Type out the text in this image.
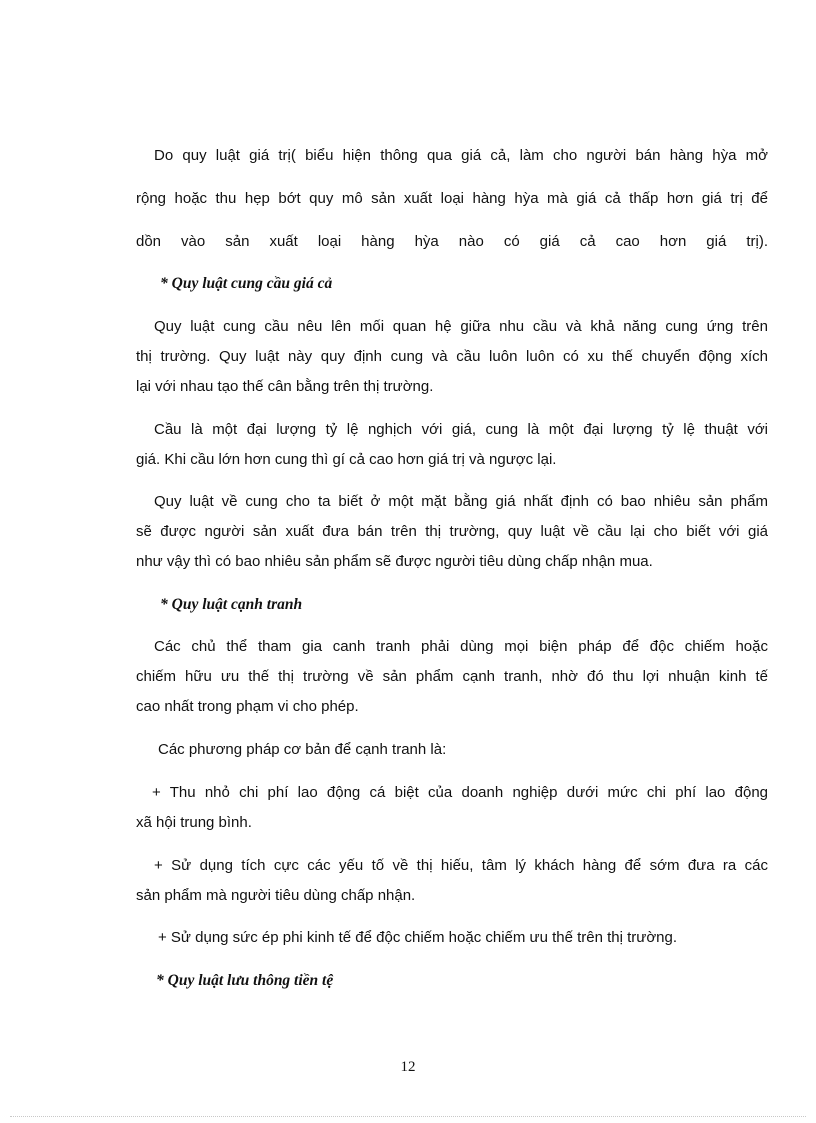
Do quy luật giá trị( biểu hiện thông qua giá cả, làm cho người bán hàng hỳa mở
rộng hoặc thu hẹp bớt quy mô sản xuất loại hàng hỳa mà giá cả thấp hơn giá trị để
dồn vào sản xuất loại hàng hỳa nào có giá cả cao hơn giá trị).
* Quy luật cung cầu giá cả
Quy luật cung cầu nêu lên mối quan hệ giữa nhu cầu và khả năng cung ứng trên
thị trường. Quy luật này quy định cung và cầu luôn luôn có xu thế chuyển động xích
lại với nhau tạo thế cân bằng trên thị trường.
Cầu là một đại lượng tỷ lệ nghịch với giá, cung là một đại lượng tỷ lệ thuật với
giá. Khi cầu lớn hơn cung thì gí cả cao hơn giá trị và ngược lại.
Quy luật về cung cho ta biết ở một mặt bằng giá nhất định có bao nhiêu sản phẩm
sẽ được người sản xuất đưa bán trên thị trường, quy luật về cầu lại cho biết với giá
như vậy thì có bao nhiêu sản phẩm sẽ được người tiêu dùng chấp nhận mua.
* Quy luật cạnh tranh
Các chủ thể tham gia canh tranh phải dùng mọi biện pháp để độc chiếm hoặc
chiếm hữu ưu thế thị trường về sản phẩm cạnh tranh, nhờ đó thu lợi nhuận kinh tế
cao nhất trong phạm vi cho phép.
Các phương pháp cơ bản để cạnh tranh là:
+ Thu nhỏ chi phí lao động cá biệt của doanh nghiệp dưới mức chi phí lao động
xã hội trung bình.
+ Sử dụng tích cực các yếu tố về thị hiếu, tâm lý khách hàng để sớm đưa ra các
sản phẩm mà người tiêu dùng chấp nhận.
+ Sử dụng sức ép phi kinh tế để độc chiếm hoặc chiếm ưu thế trên thị trường.
* Quy luật lưu thông tiền tệ
12
